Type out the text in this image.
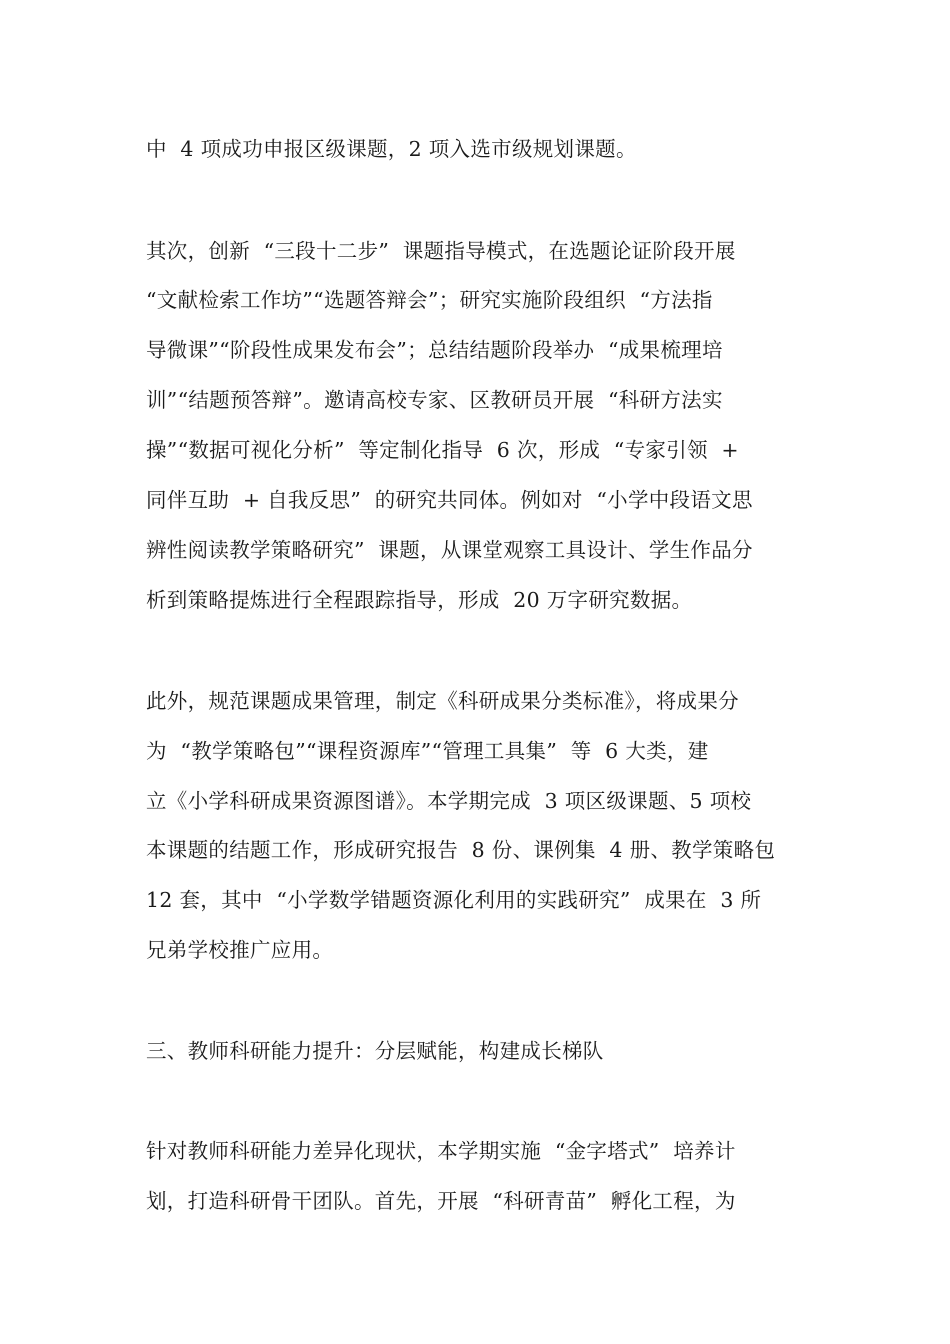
中  4 项成功申报区级课题，2 项入选市级规划课题。
其次，创新  “三段十二步”  课题指导模式，在选题论证阶段开展
“文献检索工作坊”“选题答辩会”；研究实施阶段组织  “方法指
导微课”“阶段性成果发布会”；总结结题阶段举办  “成果梳理培
训”“结题预答辩”。邀请高校专家、区教研员开展  “科研方法实
操”“数据可视化分析”  等定制化指导  6 次，形成  “专家引领  +
同伴互助  + 自我反思”  的研究共同体。例如对  “小学中段语文思
辨性阅读教学策略研究”  课题，从课堂观察工具设计、学生作品分
析到策略提炼进行全程跟踪指导，形成  20 万字研究数据。
此外，规范课题成果管理，制定《科研成果分类标准》，将成果分
为  “教学策略包”“课程资源库”“管理工具集”  等  6 大类，建
立《小学科研成果资源图谱》。本学期完成  3 项区级课题、5 项校
本课题的结题工作，形成研究报告  8 份、课例集  4 册、教学策略包
12 套，其中  “小学数学错题资源化利用的实践研究”  成果在  3 所
兄弟学校推广应用。
三、教师科研能力提升：分层赋能，构建成长梯队
针对教师科研能力差异化现状，本学期实施  “金字塔式”  培养计
划，打造科研骨干团队。首先，开展  “科研青苗”  孵化工程，为
